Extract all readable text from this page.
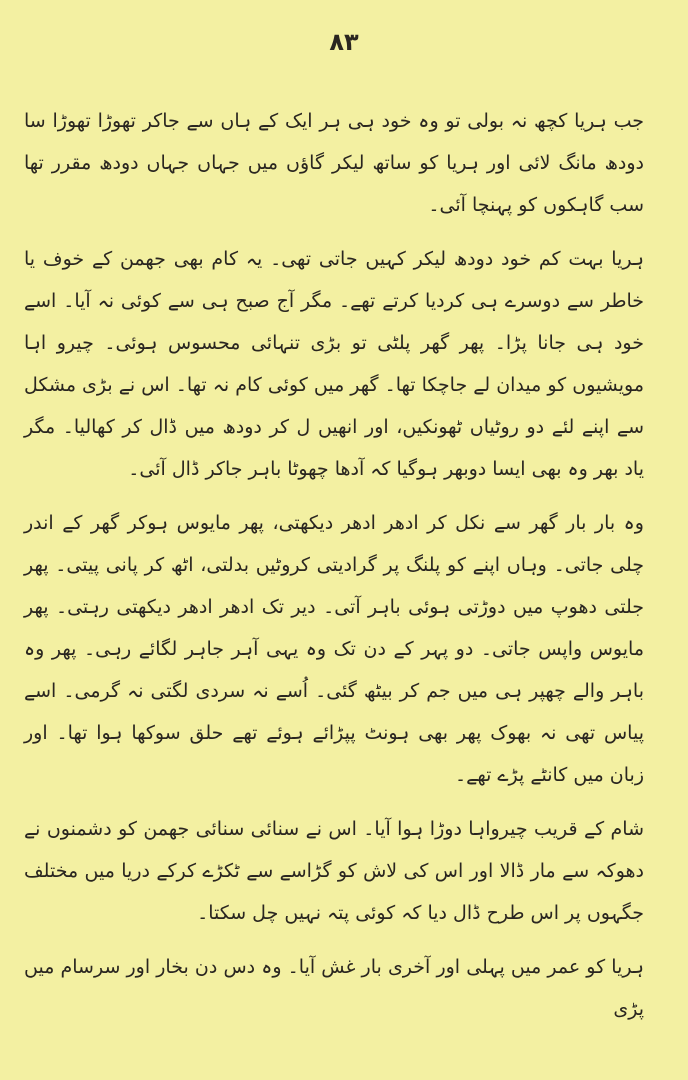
۸۳

جب ہریا کچھ نہ بولی تو وہ خود ہی ہر ایک کے ہاں سے جاکر تھوڑا تھوڑا سا دودھ مانگ لائی اور ہریا کو ساتھ لیکر گاؤں میں جہاں جہاں دودھ مقرر تھا سب گاہکوں کو پہنچا آئی۔

ہریا بہت کم خود دودھ لیکر کہیں جاتی تھی۔ یہ کام بھی جھمن کے خوف یا خاطر سے دوسرے ہی کردیا کرتے تھے۔ مگر آج صبح ہی سے کوئی نہ آیا۔ اسے خود ہی جانا پڑا۔ پھر گھر پلٹی تو بڑی تنہائی محسوس ہوئی۔ چیرو اہا مویشیوں کو میدان لے جاچکا تھا۔ گھر میں کوئی کام نہ تھا۔ اس نے بڑی مشکل سے اپنے لئے دو روٹیاں ٹھونکیں، اور انھیں ل کر دودھ میں ڈال کر کھالیا۔ مگر یاد بھر وہ بھی ایسا دوبھر ہوگیا کہ آدھا چھوٹا باہر جاکر ڈال آئی۔

وہ بار بار گھر سے نکل کر ادھر ادھر دیکھتی، پھر مایوس ہوکر گھر کے اندر چلی جاتی۔ وہاں اپنے کو پلنگ پر گرادیتی کروٹیں بدلتی، اٹھ کر پانی پیتی۔ پھر جلتی دھوپ میں دوڑتی ہوئی باہر آتی۔ دیر تک ادھر ادھر دیکھتی رہتی۔ پھر مایوس واپس جاتی۔ دو پہر کے دن تک وہ یہی آہر جاہر لگائے رہی۔ پھر وہ باہر والے چھپر ہی میں جم کر بیٹھ گئی۔ اُسے نہ سردی لگتی نہ گرمی۔ اسے پیاس تھی نہ بھوک پھر بھی ہونٹ پپڑائے ہوئے تھے حلق سوکھا ہوا تھا۔ اور زبان میں کانٹے پڑے تھے۔

شام کے قریب چیرواہا دوڑا ہوا آیا۔ اس نے سنائی سنائی جھمن کو دشمنوں نے دھوکہ سے مار ڈالا اور اس کی لاش کو گڑاسے سے ٹکڑے کرکے دریا میں مختلف جگہوں پر اس طرح ڈال دیا کہ کوئی پتہ نہیں چل سکتا۔

ہریا کو عمر میں پہلی اور آخری بار غش آیا۔ وہ دس دن بخار اور سرسام میں پڑی
